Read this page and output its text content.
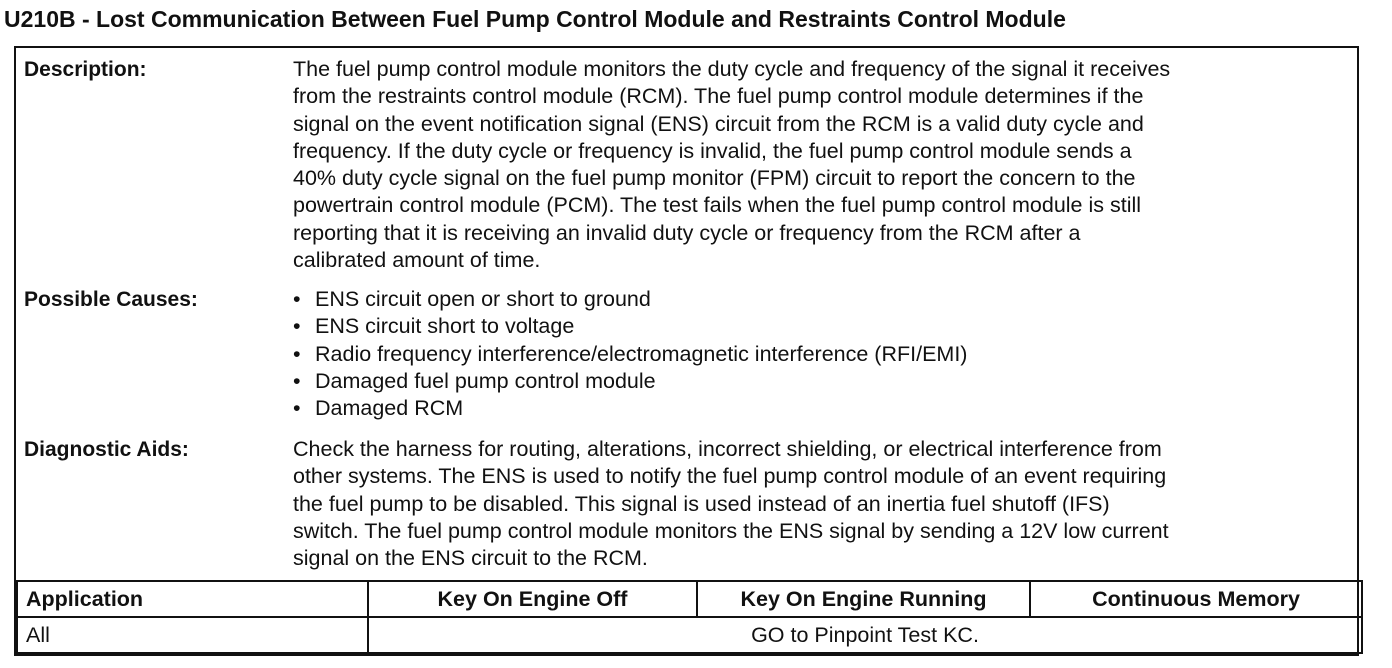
U210B - Lost Communication Between Fuel Pump Control Module and Restraints Control Module
Description:	The fuel pump control module monitors the duty cycle and frequency of the signal it receives
from the restraints control module (RCM). The fuel pump control module determines if the
signal on the event notification signal (ENS) circuit from the RCM is a valid duty cycle and
frequency. If the duty cycle or frequency is invalid, the fuel pump control module sends a
40% duty cycle signal on the fuel pump monitor (FPM) circuit to report the concern to the
powertrain control module (PCM). The test fails when the fuel pump control module is still
reporting that it is receiving an invalid duty cycle or frequency from the RCM after a
calibrated amount of time.
Possible Causes:	• ENS circuit open or short to ground
• ENS circuit short to voltage
• Radio frequency interference/electromagnetic interference (RFI/EMI)
• Damaged fuel pump control module
• Damaged RCM
Diagnostic Aids:	Check the harness for routing, alterations, incorrect shielding, or electrical interference from
other systems. The ENS is used to notify the fuel pump control module of an event requiring
the fuel pump to be disabled. This signal is used instead of an inertia fuel shutoff (IFS)
switch. The fuel pump control module monitors the ENS signal by sending a 12V low current
signal on the ENS circuit to the RCM.
Application	Key On Engine Off	Key On Engine Running	Continuous Memory
All	GO to Pinpoint Test KC.		
